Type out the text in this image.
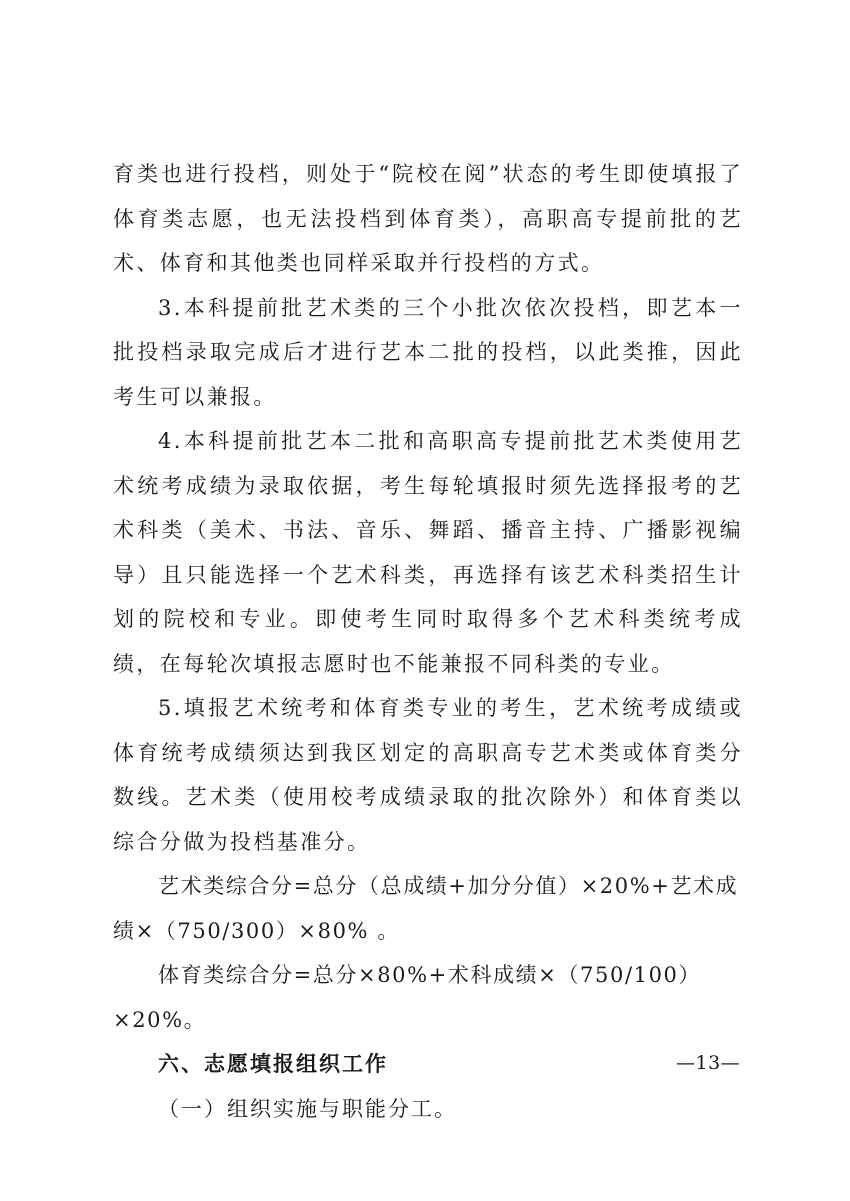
育类也进行投档，则处于“院校在阅”状态的考生即使填报了体育类志愿，也无法投档到体育类），高职高专提前批的艺术、体育和其他类也同样采取并行投档的方式。

3.本科提前批艺术类的三个小批次依次投档，即艺本一批投档录取完成后才进行艺本二批的投档，以此类推，因此考生可以兼报。

4.本科提前批艺本二批和高职高专提前批艺术类使用艺术统考成绩为录取依据，考生每轮填报时须先选择报考的艺术科类（美术、书法、音乐、舞蹈、播音主持、广播影视编导）且只能选择一个艺术科类，再选择有该艺术科类招生计划的院校和专业。即使考生同时取得多个艺术科类统考成绩，在每轮次填报志愿时也不能兼报不同科类的专业。

5.填报艺术统考和体育类专业的考生，艺术统考成绩或体育统考成绩须达到我区划定的高职高专艺术类或体育类分数线。艺术类（使用校考成绩录取的批次除外）和体育类以综合分做为投档基准分。

艺术类综合分=总分（总成绩+加分分值）×20%+艺术成绩×（750/300）×80% 。

体育类综合分=总分×80%+术科成绩×（750/100）×20%。

六、志愿填报组织工作

（一）组织实施与职能分工。

—13—
